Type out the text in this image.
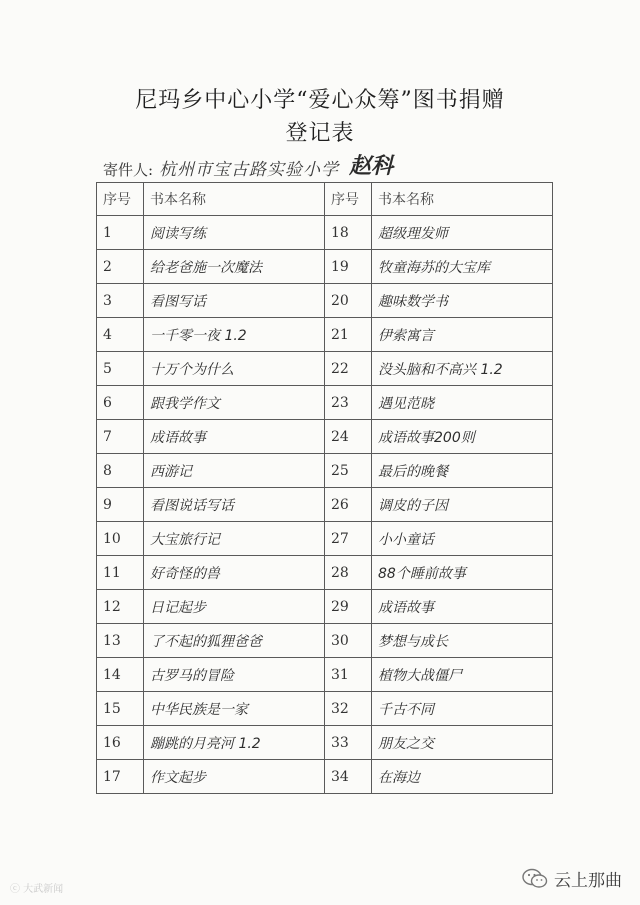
尼玛乡中心小学“爱心众筹”图书捐赠
登记表
寄件人: 杭州市宝古路实验小学 赵科
序号	书本名称	序号	书本名称
1	阅读写练	18	超级理发师
2	给老爸施一次魔法	19	牧童海苏的大宝库
3	看图写话	20	趣味数学书
4	一千零一夜 1.2	21	伊索寓言
5	十万个为什么	22	没头脑和不高兴 1.2
6	跟我学作文	23	遇见范晓
7	成语故事	24	成语故事200则
8	西游记	25	最后的晚餐
9	看图说话写话	26	调皮的子因
10	大宝旅行记	27	小小童话
11	好奇怪的兽	28	88个睡前故事
12	日记起步	29	成语故事
13	了不起的狐狸爸爸	30	梦想与成长
14	古罗马的冒险	31	植物大战僵尸
15	中华民族是一家	32	千古不同
16	蹦跳的月亮河 1.2	33	朋友之交
17	作文起步	34	在海边
ⓒ 大武新闻	云上那曲
